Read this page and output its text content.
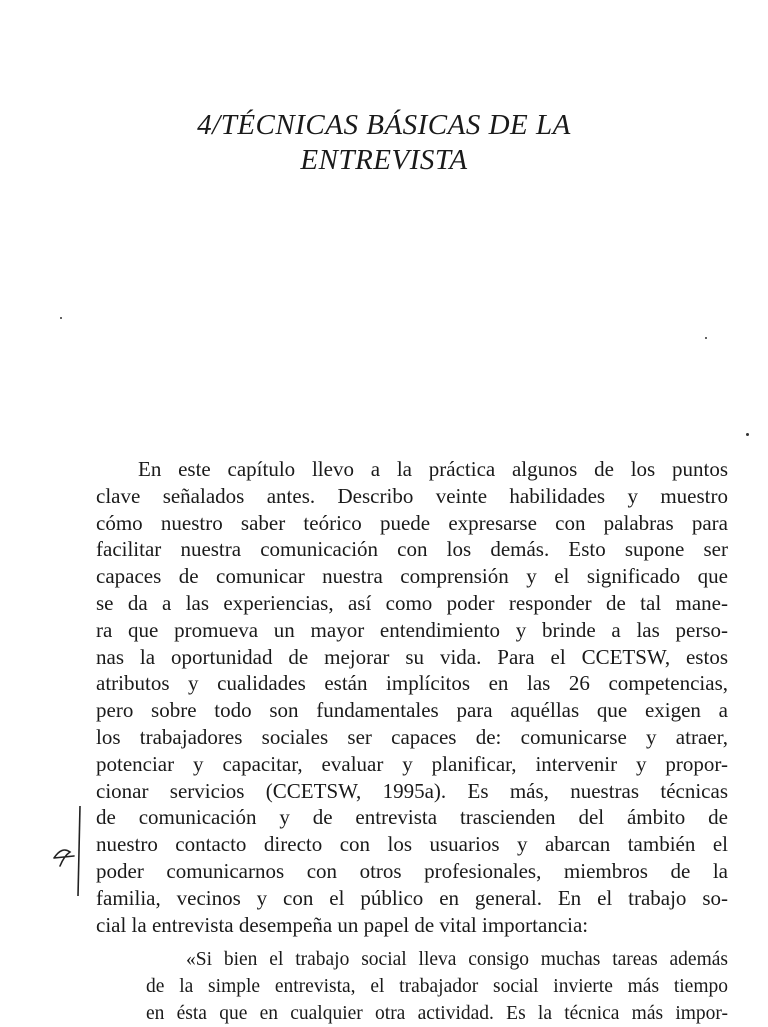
4/TÉCNICAS BÁSICAS DE LA
ENTREVISTA
En este capítulo llevo a la práctica algunos de los puntos
clave señalados antes. Describo veinte habilidades y muestro
cómo nuestro saber teórico puede expresarse con palabras para
facilitar nuestra comunicación con los demás. Esto supone ser
capaces de comunicar nuestra comprensión y el significado que
se da a las experiencias, así como poder responder de tal mane-
ra que promueva un mayor entendimiento y brinde a las perso-
nas la oportunidad de mejorar su vida. Para el CCETSW, estos
atributos y cualidades están implícitos en las 26 competencias,
pero sobre todo son fundamentales para aquéllas que exigen a
los trabajadores sociales ser capaces de: comunicarse y atraer,
potenciar y capacitar, evaluar y planificar, intervenir y propor-
cionar servicios (CCETSW, 1995a). Es más, nuestras técnicas
de comunicación y de entrevista trascienden del ámbito de
nuestro contacto directo con los usuarios y abarcan también el
poder comunicarnos con otros profesionales, miembros de la
familia, vecinos y con el público en general. En el trabajo so-
cial la entrevista desempeña un papel de vital importancia:
«Si bien el trabajo social lleva consigo muchas tareas además
de la simple entrevista, el trabajador social invierte más tiempo
en ésta que en cualquier otra actividad. Es la técnica más impor-
